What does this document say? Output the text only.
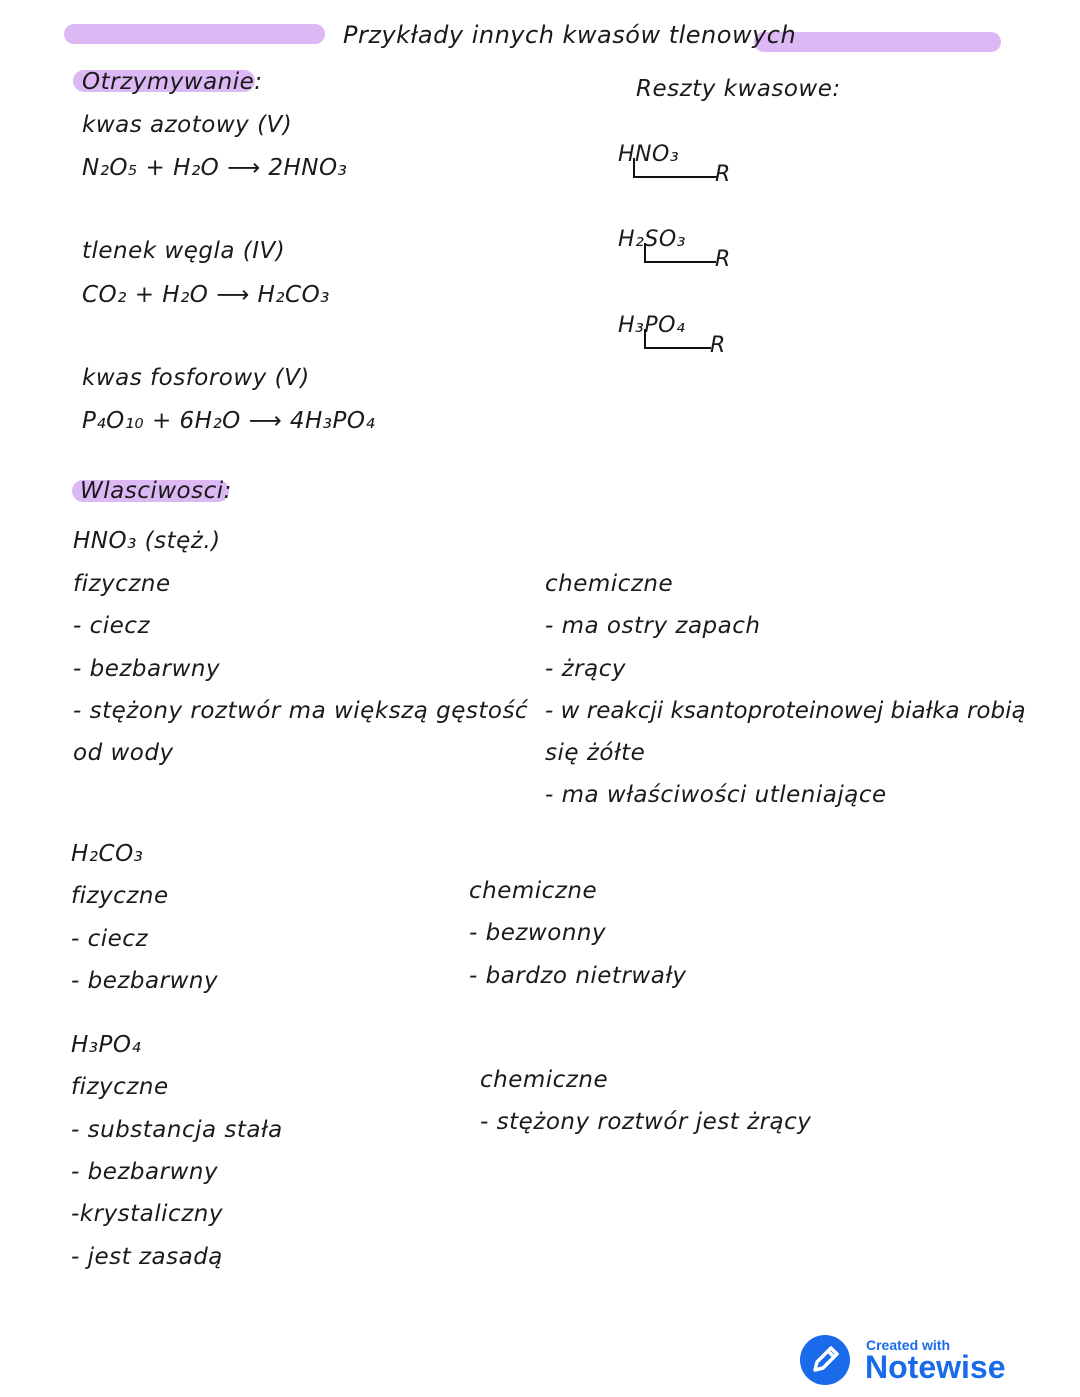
Przykłady innych kwasów tlenowych
Otrzymywanie:
kwas azotowy (V)
N₂O₅ + H₂O ⟶ 2HNO₃
tlenek węgla (IV)
CO₂ + H₂O ⟶ H₂CO₃
kwas fosforowy (V)
P₄O₁₀ + 6H₂O ⟶ 4H₃PO₄
Reszty kwasowe:
HNO₃
R
H₂SO₃
R
H₃PO₄
R
Wlasciwosci:
HNO₃ (stęż.)
fizyczne
- ciecz
- bezbarwny
- stężony roztwór ma większą gęstość
od wody
chemiczne
- ma ostry zapach
- żrący
- w reakcji ksantoproteinowej białka robią
się żółte
- ma właściwości utleniające
H₂CO₃
fizyczne
- ciecz
- bezbarwny
chemiczne
- bezwonny
- bardzo nietrwały
H₃PO₄
fizyczne
- substancja stała
- bezbarwny
-krystaliczny
- jest zasadą
chemiczne
- stężony roztwór jest żrący
Created with
Notewise
